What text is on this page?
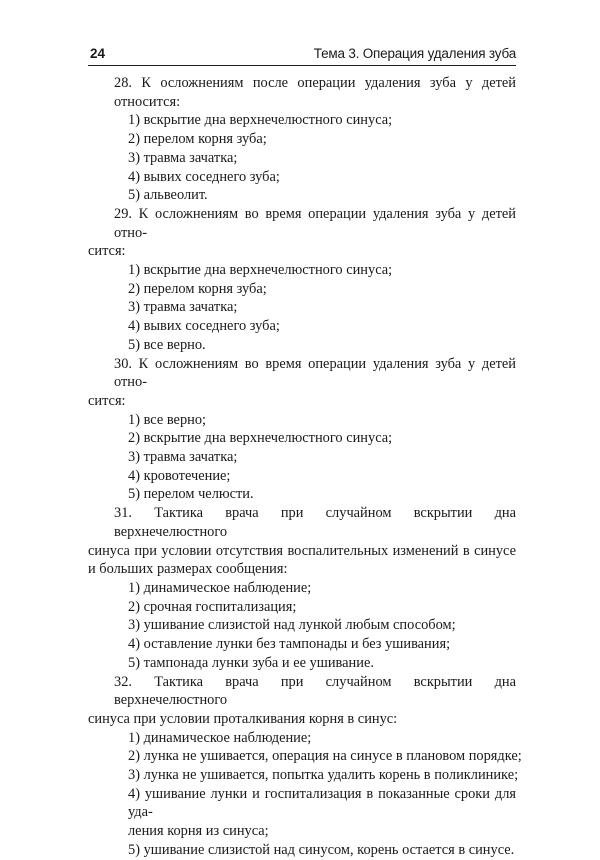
24	Тема 3. Операция удаления зуба
28. К осложнениям после операции удаления зуба у детей относится:
1) вскрытие дна верхнечелюстного синуса;
2) перелом корня зуба;
3) травма зачатка;
4) вывих соседнего зуба;
5) альвеолит.
29. К осложнениям во время операции удаления зуба у детей отно-
сится:
1) вскрытие дна верхнечелюстного синуса;
2) перелом корня зуба;
3) травма зачатка;
4) вывих соседнего зуба;
5) все верно.
30. К осложнениям во время операции удаления зуба у детей отно-
сится:
1) все верно;
2) вскрытие дна верхнечелюстного синуса;
3) травма зачатка;
4) кровотечение;
5) перелом челюсти.
31. Тактика врача при случайном вскрытии дна верхнечелюстного
синуса при условии отсутствия воспалительных изменений в синусе
и больших размерах сообщения:
1) динамическое наблюдение;
2) срочная госпитализация;
3) ушивание слизистой над лункой любым способом;
4) оставление лунки без тампонады и без ушивания;
5) тампонада лунки зуба и ее ушивание.
32. Тактика врача при случайном вскрытии дна верхнечелюстного
синуса при условии проталкивания корня в синус:
1) динамическое наблюдение;
2) лунка не ушивается, операция на синусе в плановом порядке;
3) лунка не ушивается, попытка удалить корень в поликлинике;
4) ушивание лунки и госпитализация в показанные сроки для уда-
ления корня из синуса;
5) ушивание слизистой над синусом, корень остается в синусе.
